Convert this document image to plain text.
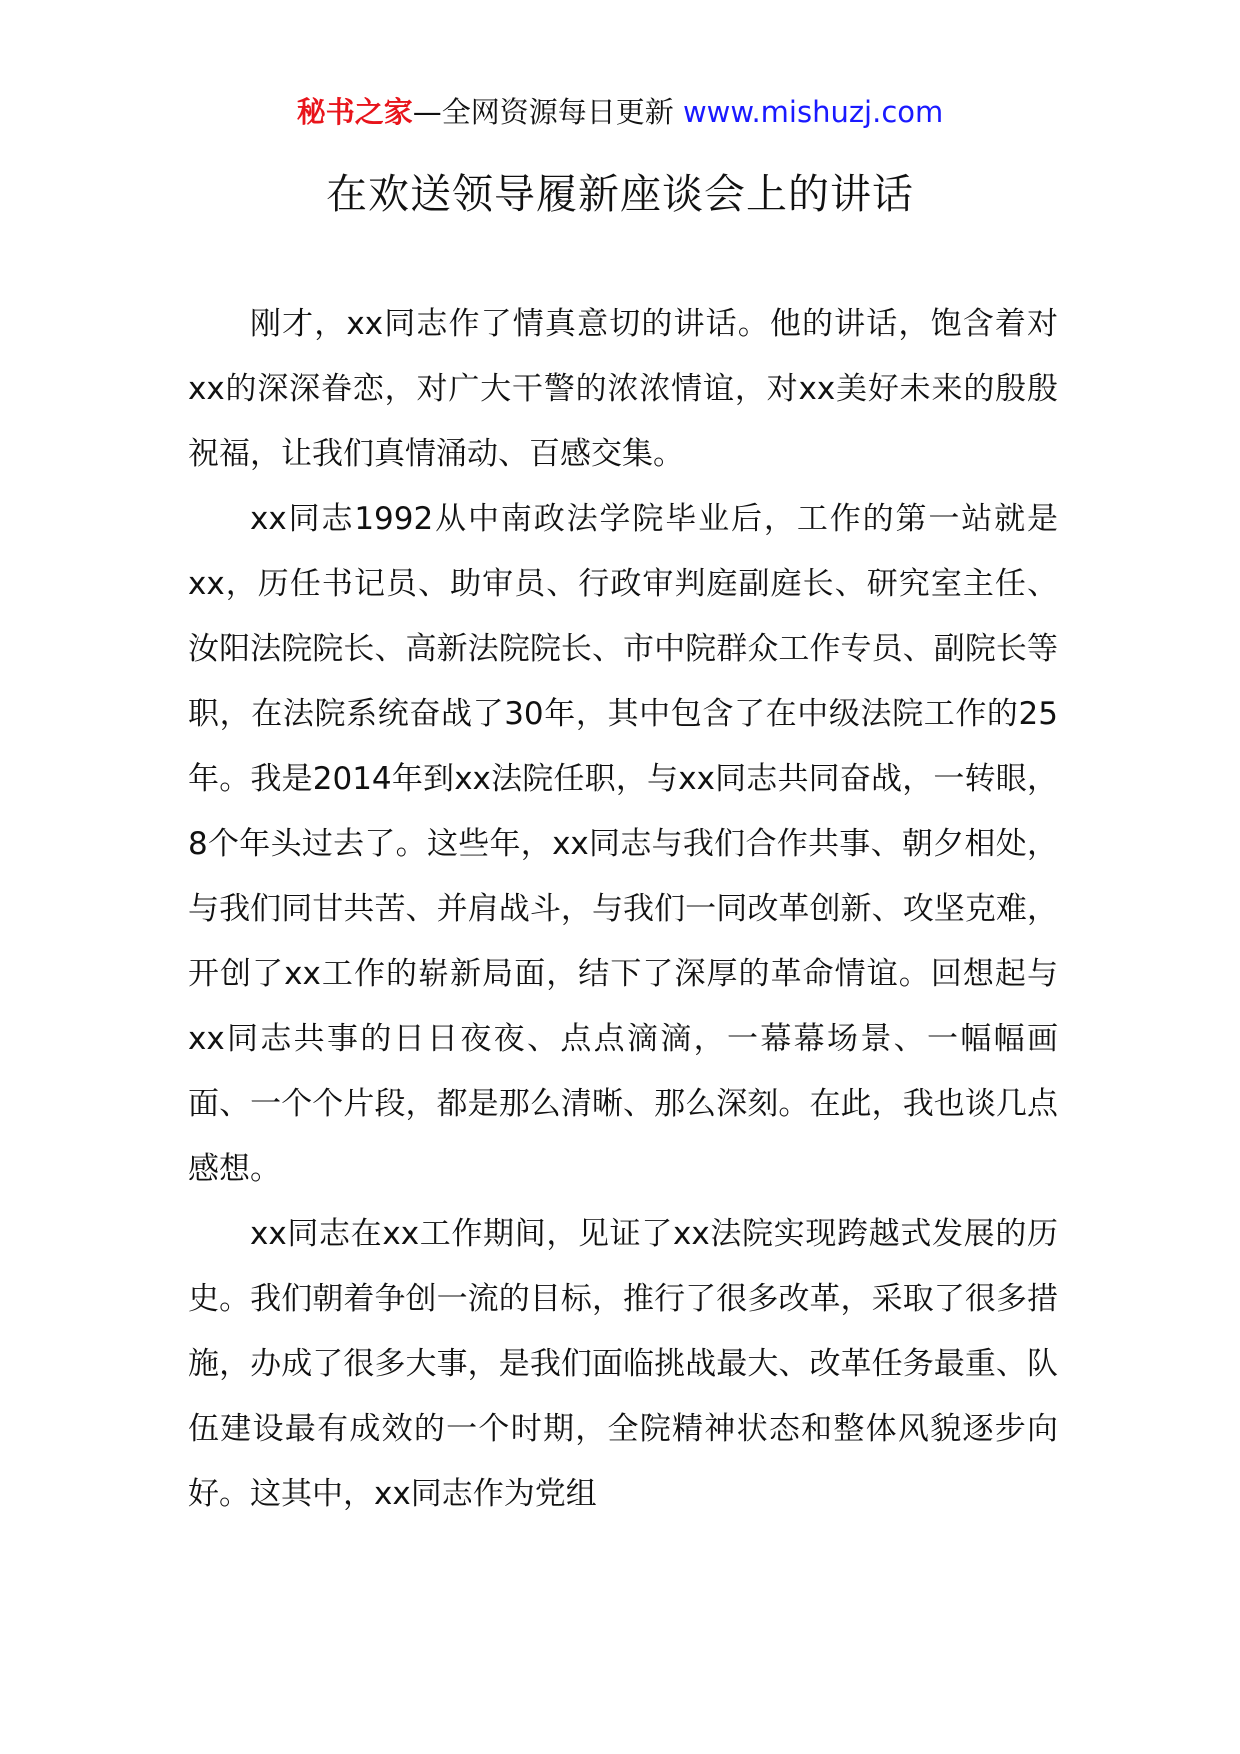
秘书之家—全网资源每日更新 www.mishuzj.com
在欢送领导履新座谈会上的讲话

刚才，xx同志作了情真意切的讲话。他的讲话，饱含着对xx的深深眷恋，对广大干警的浓浓情谊，对xx美好未来的殷殷祝福，让我们真情涌动、百感交集。

xx同志1992从中南政法学院毕业后，工作的第一站就是xx，历任书记员、助审员、行政审判庭副庭长、研究室主任、汝阳法院院长、高新法院院长、市中院群众工作专员、副院长等职，在法院系统奋战了30年，其中包含了在中级法院工作的25年。我是2014年到xx法院任职，与xx同志共同奋战，一转眼，8个年头过去了。这些年，xx同志与我们合作共事、朝夕相处，与我们同甘共苦、并肩战斗，与我们一同改革创新、攻坚克难，开创了xx工作的崭新局面，结下了深厚的革命情谊。回想起与xx同志共事的日日夜夜、点点滴滴，一幕幕场景、一幅幅画面、一个个片段，都是那么清晰、那么深刻。在此，我也谈几点感想。

xx同志在xx工作期间，见证了xx法院实现跨越式发展的历史。我们朝着争创一流的目标，推行了很多改革，采取了很多措施，办成了很多大事，是我们面临挑战最大、改革任务最重、队伍建设最有成效的一个时期，全院精神状态和整体风貌逐步向好。这其中，xx同志作为党组
